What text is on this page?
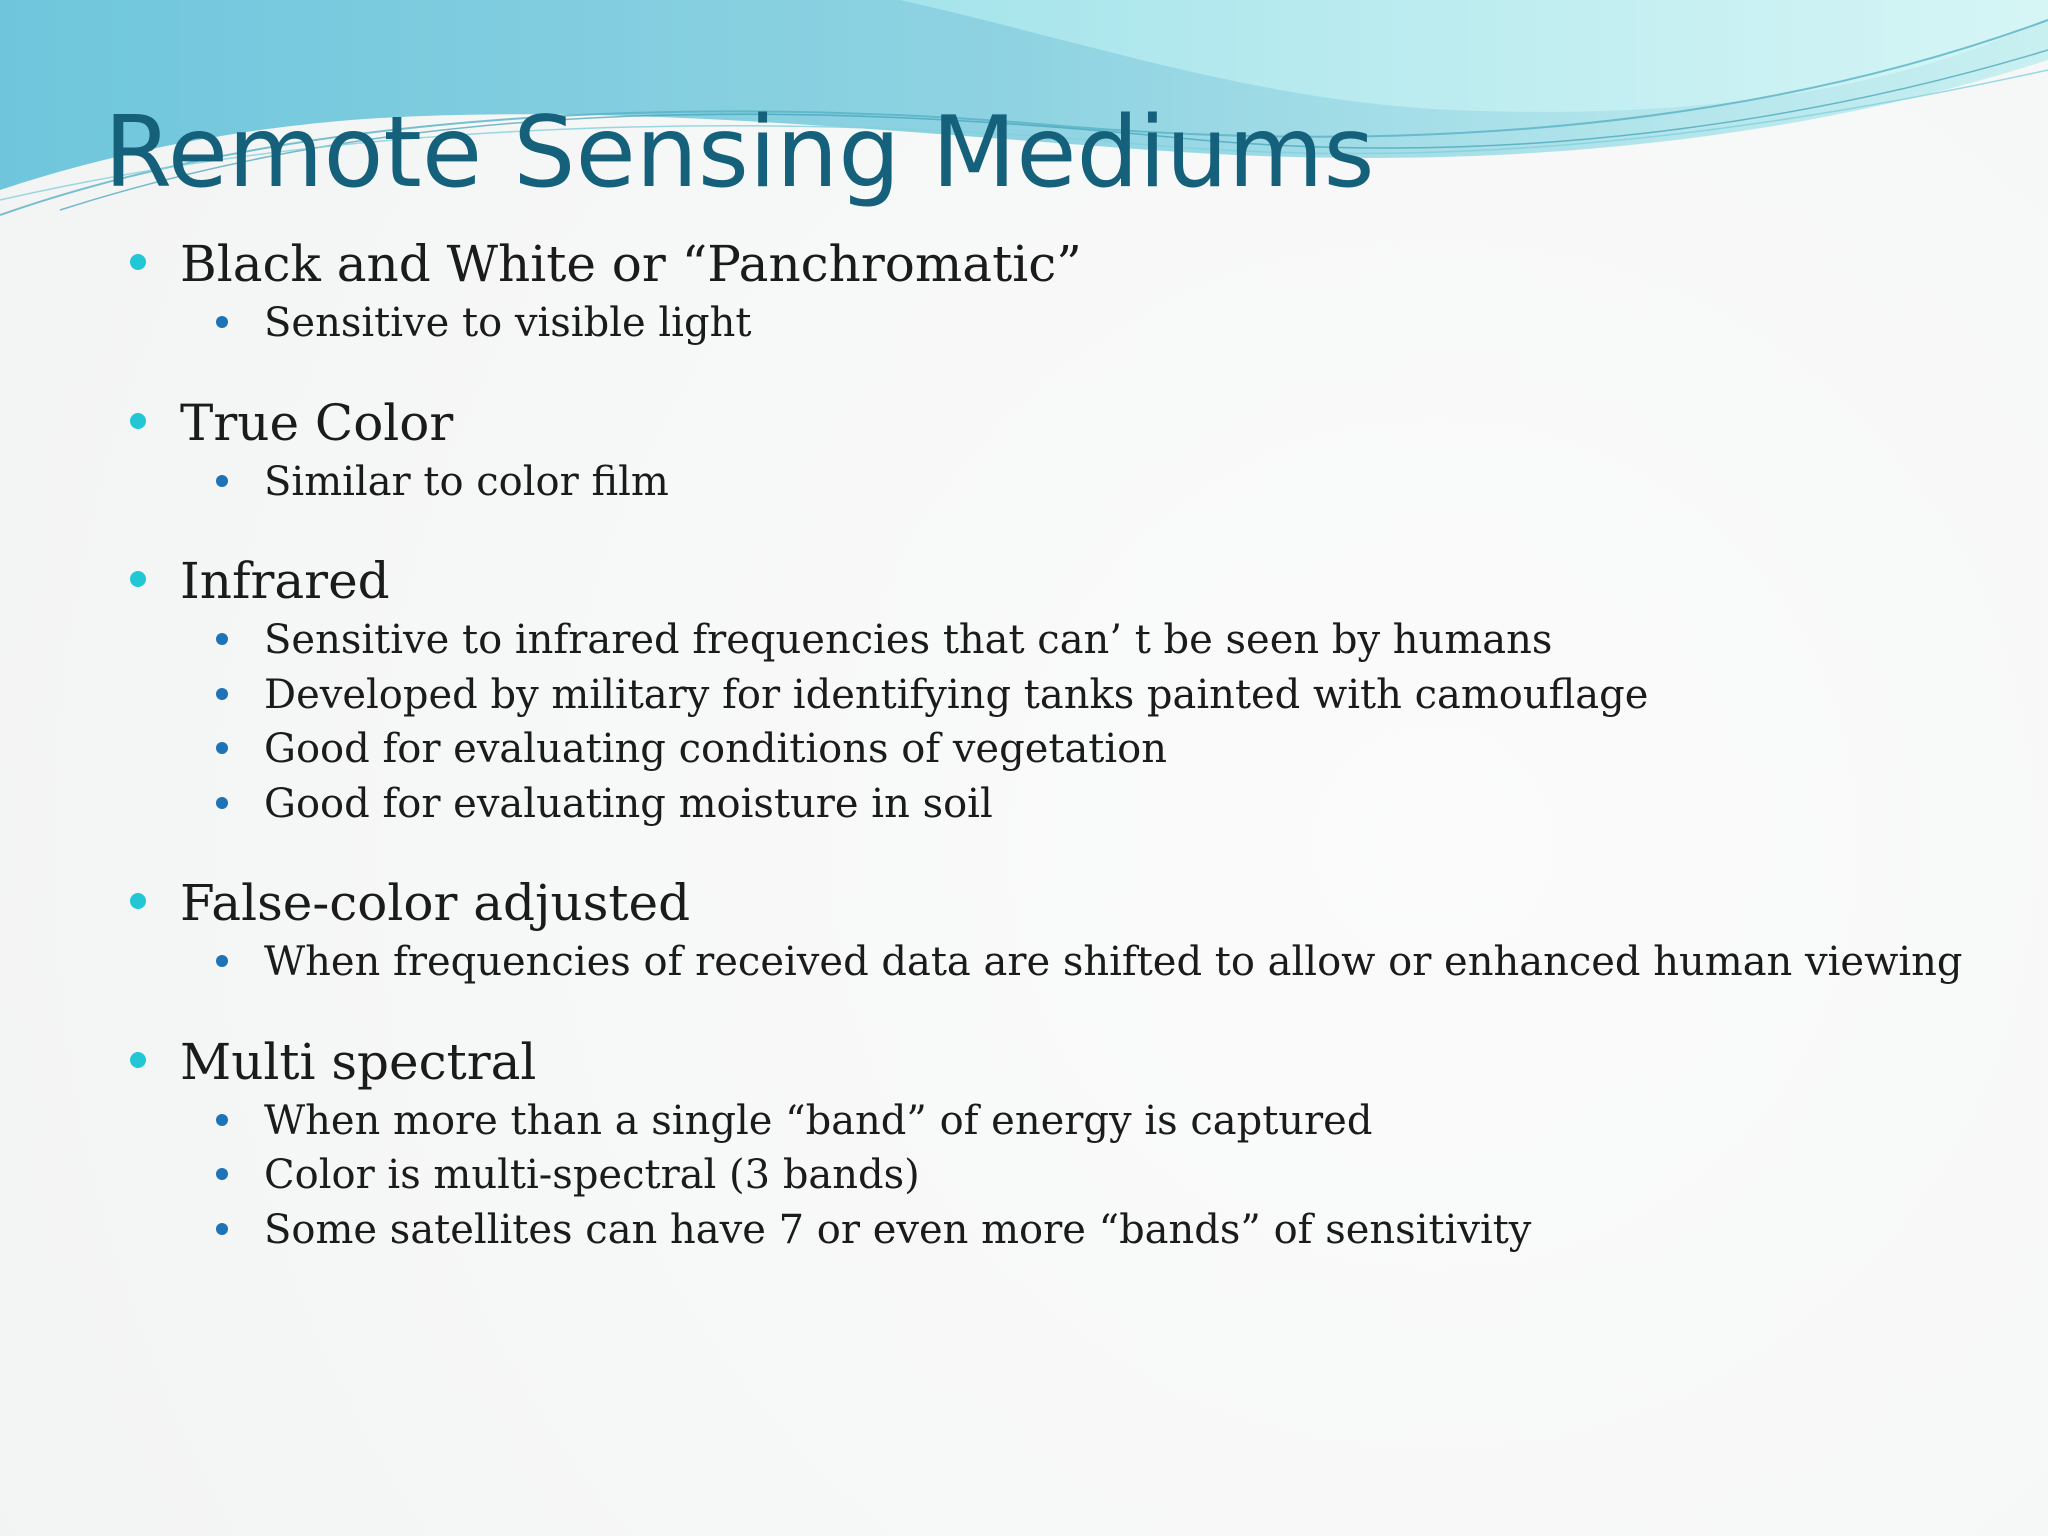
Remote Sensing Mediums
Black and White or “Panchromatic”
Sensitive to visible light
True Color
Similar to color film
Infrared
Sensitive to infrared frequencies that can’ t be seen by humans
Developed by military for identifying tanks painted with camouflage
Good for evaluating conditions of vegetation
Good for evaluating moisture in soil
False-color adjusted
When frequencies of received data are shifted to allow or enhanced human viewing
Multi spectral
When more than a single “band” of energy is captured
Color is multi-spectral (3 bands)
Some satellites can have 7 or even more “bands” of sensitivity
